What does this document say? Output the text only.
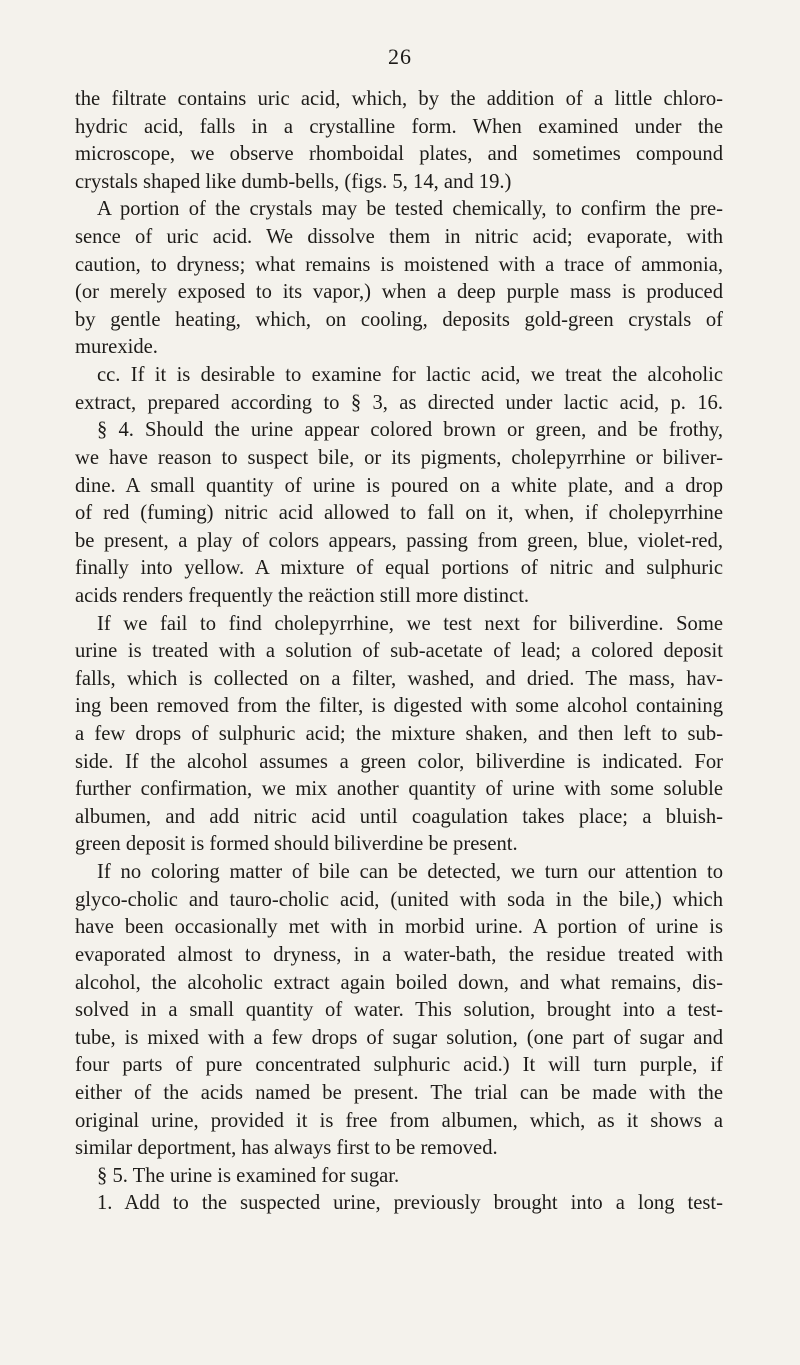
26
the filtrate contains uric acid, which, by the addition of a little chloro-
hydric acid, falls in a crystalline form. When examined under the
microscope, we observe rhomboidal plates, and sometimes compound
crystals shaped like dumb-bells, (figs. 5, 14, and 19.)
A portion of the crystals may be tested chemically, to confirm the pre-
sence of uric acid. We dissolve them in nitric acid; evaporate, with
caution, to dryness; what remains is moistened with a trace of ammonia,
(or merely exposed to its vapor,) when a deep purple mass is produced
by gentle heating, which, on cooling, deposits gold-green crystals of
murexide.
cc. If it is desirable to examine for lactic acid, we treat the alcoholic
extract, prepared according to § 3, as directed under lactic acid, p. 16.
§ 4. Should the urine appear colored brown or green, and be frothy,
we have reason to suspect bile, or its pigments, cholepyrrhine or biliver-
dine. A small quantity of urine is poured on a white plate, and a drop
of red (fuming) nitric acid allowed to fall on it, when, if cholepyrrhine
be present, a play of colors appears, passing from green, blue, violet-red,
finally into yellow. A mixture of equal portions of nitric and sulphuric
acids renders frequently the reäction still more distinct.
If we fail to find cholepyrrhine, we test next for biliverdine. Some
urine is treated with a solution of sub-acetate of lead; a colored deposit
falls, which is collected on a filter, washed, and dried. The mass, hav-
ing been removed from the filter, is digested with some alcohol containing
a few drops of sulphuric acid; the mixture shaken, and then left to sub-
side. If the alcohol assumes a green color, biliverdine is indicated. For
further confirmation, we mix another quantity of urine with some soluble
albumen, and add nitric acid until coagulation takes place; a bluish-
green deposit is formed should biliverdine be present.
If no coloring matter of bile can be detected, we turn our attention to
glyco-cholic and tauro-cholic acid, (united with soda in the bile,) which
have been occasionally met with in morbid urine. A portion of urine is
evaporated almost to dryness, in a water-bath, the residue treated with
alcohol, the alcoholic extract again boiled down, and what remains, dis-
solved in a small quantity of water. This solution, brought into a test-
tube, is mixed with a few drops of sugar solution, (one part of sugar and
four parts of pure concentrated sulphuric acid.) It will turn purple, if
either of the acids named be present. The trial can be made with the
original urine, provided it is free from albumen, which, as it shows a
similar deportment, has always first to be removed.
§ 5. The urine is examined for sugar.
1. Add to the suspected urine, previously brought into a long test-
